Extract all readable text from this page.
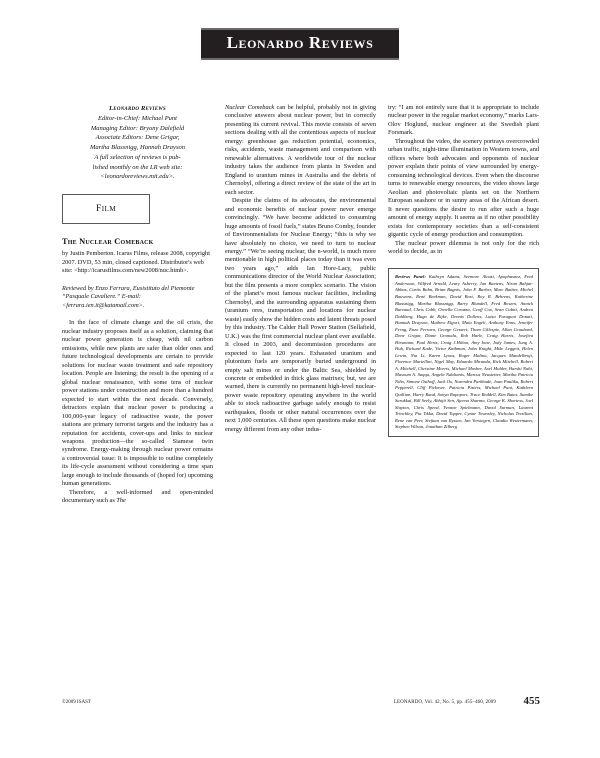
Leonardo Reviews
Leonardo Reviews
Editor-in-Chief: Michael Punt
Managing Editor: Bryony Dalefield
Associate Editors: Dene Grigar,
Martha Blassnigg, Hannah Drayson
A full selection of reviews is pub-
lished monthly on the LR web site:
<leonardoreviews.mit.edu>.
Film
The Nuclear Comeback
by Justin Pemberton. Icarus Films, release 2008, copyright 2007. DVD, 53 min, closed captioned. Distributor's web site: <http://icarusfilms.com/new2008/nuc.htmb>.
Reviewed by Enzo Ferrara, Eusistituto del Piemonte “Pasquale Cavaliere.” E-mail: <ferrara.ien.it@katamail.com>.

In the face of climate change and the oil crisis, the nuclear industry proposes itself as a solution, claiming that nuclear power generation is cheap, with nil carbon emissions, while new plants are safer than older ones and future technological developments are certain to provide solutions for nuclear waste treatment and safe repository location. People are listening; the result is the opening of a global nuclear renaissance, with some tens of nuclear power stations under construction and more than a hundred expected to start within the next decade. Conversely, detractors explain that nuclear power is producing a 100,000-year legacy of radioactive waste, the power stations are primary terrorist targets and the industry has a reputation for accidents, cover-ups and links to nuclear weapons production—the so-called Siamese twin syndrome. Energy-making through nuclear power remains a controversial issue: It is impossible to outline completely its life-cycle assessment without considering a time span large enough to include thousands of (hoped for) upcoming human generations.

Therefore, a well-informed and open-minded documentary such as The

Nuclear Comeback can be helpful, probably not in giving conclusive answers about nuclear power, but in correctly presenting its current revival. This movie consists of seven sections dealing with all the contentious aspects of nuclear energy: greenhouse gas reduction potential, economics, risks, accidents, waste management and comparison with renewable alternatives. A worldwide tour of the nuclear industry takes the audience from plants in Sweden and England to uranium mines in Australia and the debris of Chernobyl, offering a direct review of the state of the art in each sector.

Despite the claims of its advocates, the environmental and economic benefits of nuclear power never emerge convincingly. “We have become addicted to consuming huge amounts of fossil fuels,” states Bruno Comby, founder of Environmentalists for Nuclear Energy; “this is why we have absolutely no choice, we need to turn to nuclear energy.” “We’re seeing nuclear, the n-world, is much more mentionable in high political places today than it was even two years ago,” adds Ian Hore-Lacy, public communications director of the World Nuclear Association; but the film presents a more complex scenario. The vision of the planet’s most famous nuclear facilities, including Chernobyl, and the surrounding apparatus sustaining them (uranium ores, transportation and locations for nuclear waste) easily show the hidden costs and latent threats posed by this industry. The Calder Hall Power Station (Sellafield, U.K.) was the first commercial nuclear plant ever available. It closed in 2003, and decommission procedures are expected to last 120 years. Exhausted uranium and plutonium fuels are temporarily buried underground in empty salt mines or under the Baltic Sea, shielded by concrete or embedded in thick glass matrixes; but, we are warned, there is currently no permanent high-level nuclear-power waste repository operating anywhere in the world able to stock radioactive garbage safely enough to resist earthquakes, floods or other natural occurrences over the next 1,000 centuries. All these open questions make nuclear energy different from any other indus-

try: “I am not entirely sure that it is appropriate to include nuclear power in the regular market economy,” marks Lars-Olov Hoglund, nuclear engineer at the Swedish plant Forsmark.

Throughout the video, the scenery portrays overcrowded urban traffic, night-time illumination in Western towns, and offices where both advocates and opponents of nuclear power explain their points of view surrounded by energy-consuming technological devices. Even when the discourse turns to renewable energy resources, the video shows large Aeolian and photovoltaic plants set on the Northern European seashore or in sunny areas of the African desert. It never questions the desire to run after such a huge amount of energy supply. It seems as if no other possibility exists for contemporary societies than a self-consistent gigantic cycle of energy production and consumption.

The nuclear power dilemma is not only for the rich world to decide, as in

Reviews Panel: Kathryn Adams, Seemore Alcazi, Apophasaez, Fred Andersson, Wilfred Arnold, Leary Asberry, Jan Baetens, Niran Bahjat-Abbas, Curtis Bahn, Brian Bagnis, John F. Barber, Marc Battier, Michel Bauwens, René Beekman, David Bort, Roy R. Behrens, Katherine Blassnigg, Martha Blassnigg, Barry Blundell, Fred Bowen, Annick Bureaud, Chris Cobb, Ornella Corazza, Geoff Cox, Sean Cubitt, Andrea Dahlberg, Hugo de Rijke, Dennis Dollens, Luisa Paraguai Donati, Hannah Drayson, Mathew Elgort, Maia Engeli, Anthony Enns, Jennifer Ferng, Enzo Ferrara, George Gessert, Thom Gillespie, Allan Graubard, Dene Grigar, Diane Gromala, Rob Harle, Craig Harris, Josefiea Hirsmann, Paul Hertz, Craig J.Hilton, Amy Ione, Jody James, Jung A. Huh, Richard Kade, Victor Kathman, John Knight, Mike Leggett, Helen Lewin, Nia Li, Karen Lyons, Roger Malina, Jacques Mandelbrojt, Florence Martellini, Nigel May, Eduardo Miranda, Rick Mitchell, Robert A. Mitchell, Christine Morris, Michael Mosher, Axel Mulder, Harshi Nabi, Masoum A. Saqqa, Angela Ndalianis, Marcus Neustetter, Martha Patricia Niño, Simone Osthoff, Jack Ox, Narendra Parkhude, Joan Paulika, Robert Pepperell, Cliff Pickover, Patricia Pisters, Michael Punt, Kathleen Quillian, Harry Rand, Sonya Rapoport, Trace Reddell, Kim Bates, Sumike Sarukkai, Bill Seely, Abhijit Sen, Ajeena Sharma, George K. Shortess, Joel Slayton, Chris Speed, Yvonne Spielmann, David Surman, Laurent Trinchley, Pia Tikka, David Topper, Cynae Townsley, Nicholas Tresilian, Rene van Peer, Stefaan van Ryssen, Ian Verstegen, Claudia Westermann, Stephen Wilson, Jonathan Zilberg
©2009 ISAST	LEONARDO, Vol. 42, No. 5, pp. 455–460, 2009	455
